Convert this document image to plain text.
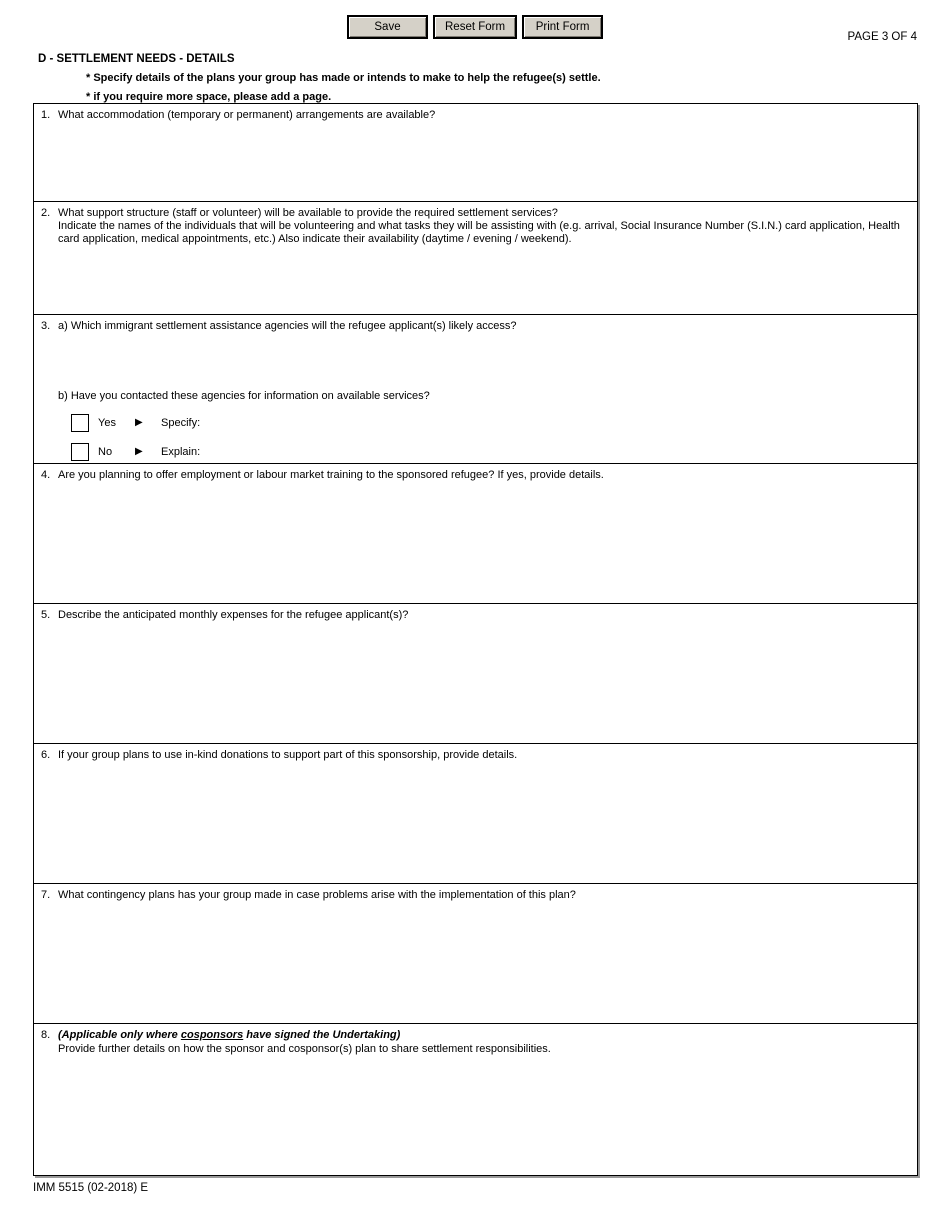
Save	Reset Form	Print Form
PAGE 3 OF 4
D - SETTLEMENT NEEDS - DETAILS
* Specify details of the plans your group has made or intends to make to help the refugee(s) settle.
* if you require more space, please add a page.
1. What accommodation (temporary or permanent) arrangements are available?
2. What support structure (staff or volunteer) will be available to provide the required settlement services?
Indicate the names of the individuals that will be volunteering and what tasks they will be assisting with (e.g. arrival, Social Insurance Number (S.I.N.) card application, Health card application, medical appointments, etc.) Also indicate their availability (daytime / evening / weekend).
3. a) Which immigrant settlement assistance agencies will the refugee applicant(s) likely access?
b) Have you contacted these agencies for information on available services?
Yes	▶	Specify:
No	▶	Explain:
4. Are you planning to offer employment or labour market training to the sponsored refugee? If yes, provide details.
5. Describe the anticipated monthly expenses for the refugee applicant(s)?
6. If your group plans to use in-kind donations to support part of this sponsorship, provide details.
7. What contingency plans has your group made in case problems arise with the implementation of this plan?
8. (Applicable only where cosponsors have signed the Undertaking)
Provide further details on how the sponsor and cosponsor(s) plan to share settlement responsibilities.
IMM 5515 (02-2018) E
